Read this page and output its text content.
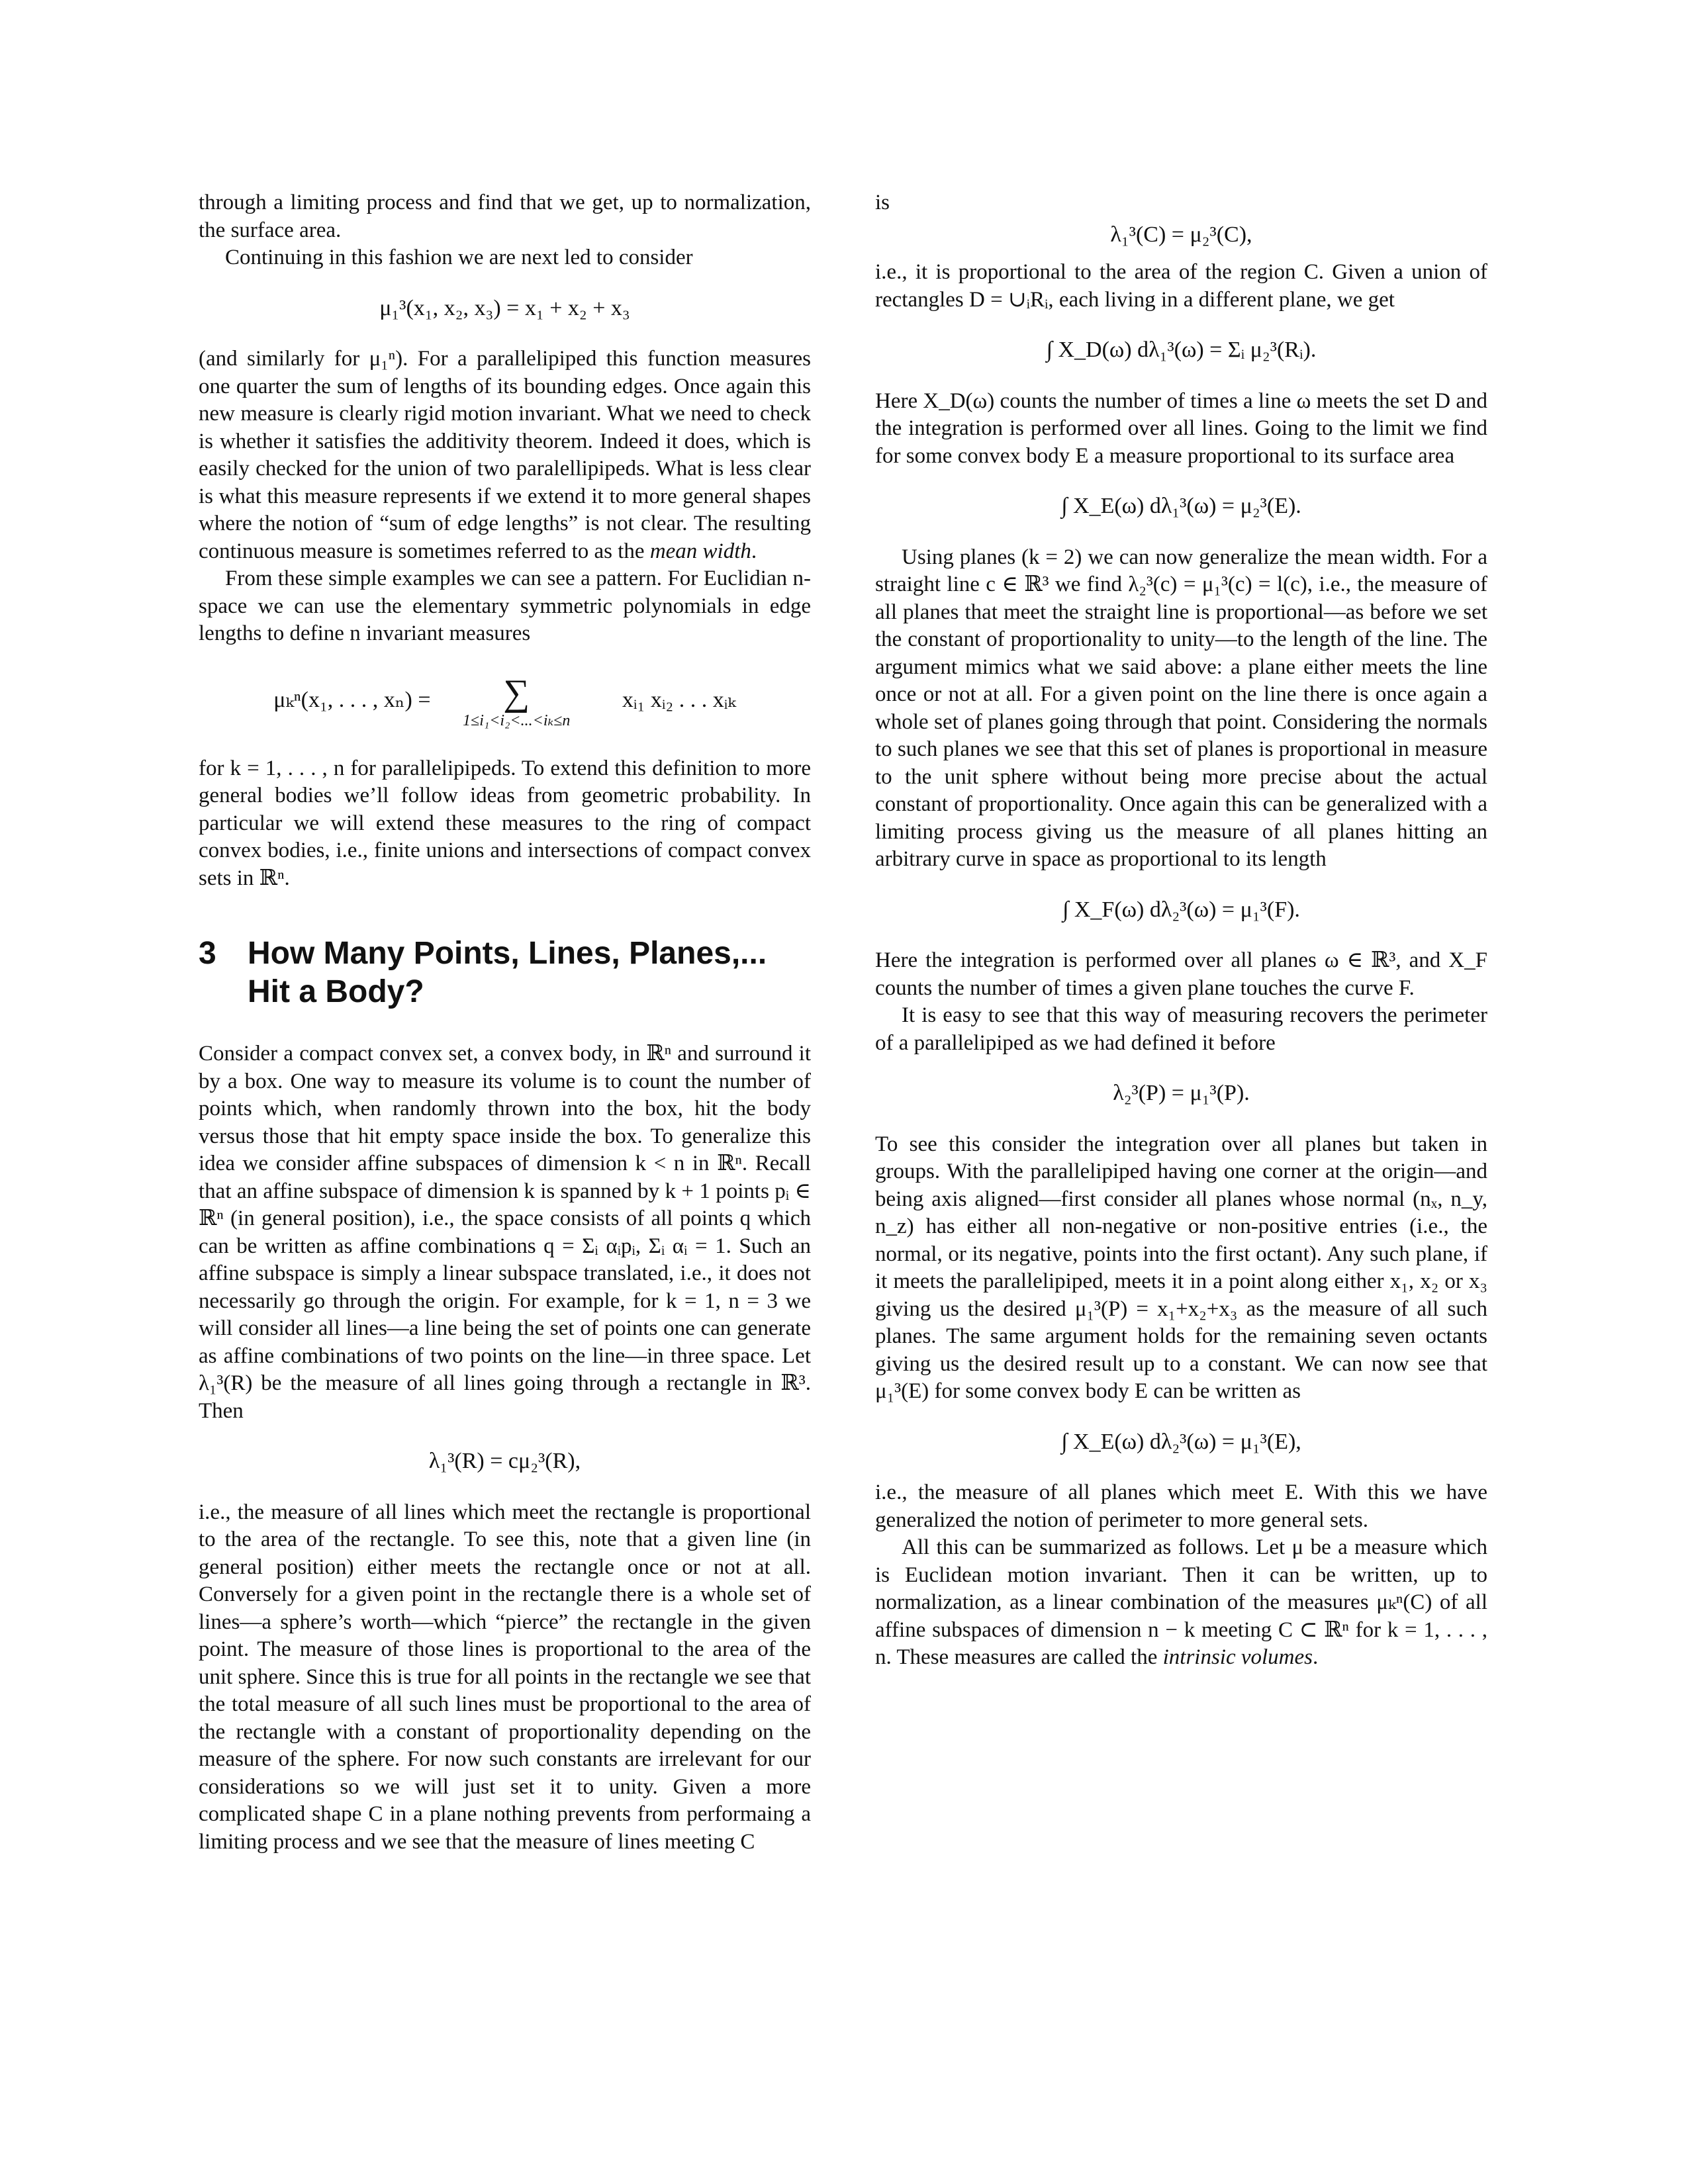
through a limiting process and find that we get, up to normalization, the surface area.

Continuing in this fashion we are next led to consider

μ₁³(x₁, x₂, x₃) = x₁ + x₂ + x₃

(and similarly for μ₁ⁿ). For a parallelipiped this function measures one quarter the sum of lengths of its bounding edges. Once again this new measure is clearly rigid motion invariant. What we need to check is whether it satisfies the additivity theorem. Indeed it does, which is easily checked for the union of two paralellipipeds. What is less clear is what this measure represents if we extend it to more general shapes where the notion of “sum of edge lengths” is not clear. The resulting continuous measure is sometimes referred to as the mean width.

From these simple examples we can see a pattern. For Euclidian n-space we can use the elementary symmetric polynomials in edge lengths to define n invariant measures

μₖⁿ(x₁, . . . , xₙ) = ∑
1≤i₁<i₂<...<iₖ≤n
xᵢ₁ xᵢ₂ . . . xᵢₖ

for k = 1, . . . , n for parallelipipeds. To extend this definition to more general bodies we’ll follow ideas from geometric probability. In particular we will extend these measures to the ring of compact convex bodies, i.e., finite unions and intersections of compact convex sets in ℝⁿ.

3 How Many Points, Lines, Planes,... Hit a Body?

Consider a compact convex set, a convex body, in ℝⁿ and surround it by a box. One way to measure its volume is to count the number of points which, when randomly thrown into the box, hit the body versus those that hit empty space inside the box. To generalize this idea we consider affine subspaces of dimension k < n in ℝⁿ. Recall that an affine subspace of dimension k is spanned by k + 1 points pᵢ ∈ ℝⁿ (in general position), i.e., the space consists of all points q which can be written as affine combinations q = Σᵢ αᵢpᵢ, Σᵢ αᵢ = 1. Such an affine subspace is simply a linear subspace translated, i.e., it does not necessarily go through the origin. For example, for k = 1, n = 3 we will consider all lines—a line being the set of points one can generate as affine combinations of two points on the line—in three space. Let λ₁³(R) be the measure of all lines going through a rectangle in ℝ³. Then

λ₁³(R) = cμ₂³(R),

i.e., the measure of all lines which meet the rectangle is proportional to the area of the rectangle. To see this, note that a given line (in general position) either meets the rectangle once or not at all. Conversely for a given point in the rectangle there is a whole set of lines—a sphere’s worth—which “pierce” the rectangle in the given point. The measure of those lines is proportional to the area of the unit sphere. Since this is true for all points in the rectangle we see that the total measure of all such lines must be proportional to the area of the rectangle with a constant of proportionality depending on the measure of the sphere. For now such constants are irrelevant for our considerations so we will just set it to unity. Given a more complicated shape C in a plane nothing prevents from performaing a limiting process and we see that the measure of lines meeting C

is

λ₁³(C) = μ₂³(C),

i.e., it is proportional to the area of the region C. Given a union of rectangles D = ∪ᵢRᵢ, each living in a different plane, we get

∫ X_D(ω) dλ₁³(ω) = Σᵢ μ₂³(Rᵢ).

Here X_D(ω) counts the number of times a line ω meets the set D and the integration is performed over all lines. Going to the limit we find for some convex body E a measure proportional to its surface area

∫ X_E(ω) dλ₁³(ω) = μ₂³(E).

Using planes (k = 2) we can now generalize the mean width. For a straight line c ∈ ℝ³ we find λ₂³(c) = μ₁³(c) = l(c), i.e., the measure of all planes that meet the straight line is proportional—as before we set the constant of proportionality to unity—to the length of the line. The argument mimics what we said above: a plane either meets the line once or not at all. For a given point on the line there is once again a whole set of planes going through that point. Considering the normals to such planes we see that this set of planes is proportional in measure to the unit sphere without being more precise about the actual constant of proportionality. Once again this can be generalized with a limiting process giving us the measure of all planes hitting an arbitrary curve in space as proportional to its length

∫ X_F(ω) dλ₂³(ω) = μ₁³(F).

Here the integration is performed over all planes ω ∈ ℝ³, and X_F counts the number of times a given plane touches the curve F.

It is easy to see that this way of measuring recovers the perimeter of a parallelipiped as we had defined it before

λ₂³(P) = μ₁³(P).

To see this consider the integration over all planes but taken in groups. With the parallelipiped having one corner at the origin—and being axis aligned—first consider all planes whose normal (nₓ, n_y, n_z) has either all non-negative or non-positive entries (i.e., the normal, or its negative, points into the first octant). Any such plane, if it meets the parallelipiped, meets it in a point along either x₁, x₂ or x₃ giving us the desired μ₁³(P) = x₁+x₂+x₃ as the measure of all such planes. The same argument holds for the remaining seven octants giving us the desired result up to a constant. We can now see that μ₁³(E) for some convex body E can be written as

∫ X_E(ω) dλ₂³(ω) = μ₁³(E),

i.e., the measure of all planes which meet E. With this we have generalized the notion of perimeter to more general sets.

All this can be summarized as follows. Let μ be a measure which is Euclidean motion invariant. Then it can be written, up to normalization, as a linear combination of the measures μₖⁿ(C) of all affine subspaces of dimension n − k meeting C ⊂ ℝⁿ for k = 1, . . . , n. These measures are called the intrinsic volumes.
